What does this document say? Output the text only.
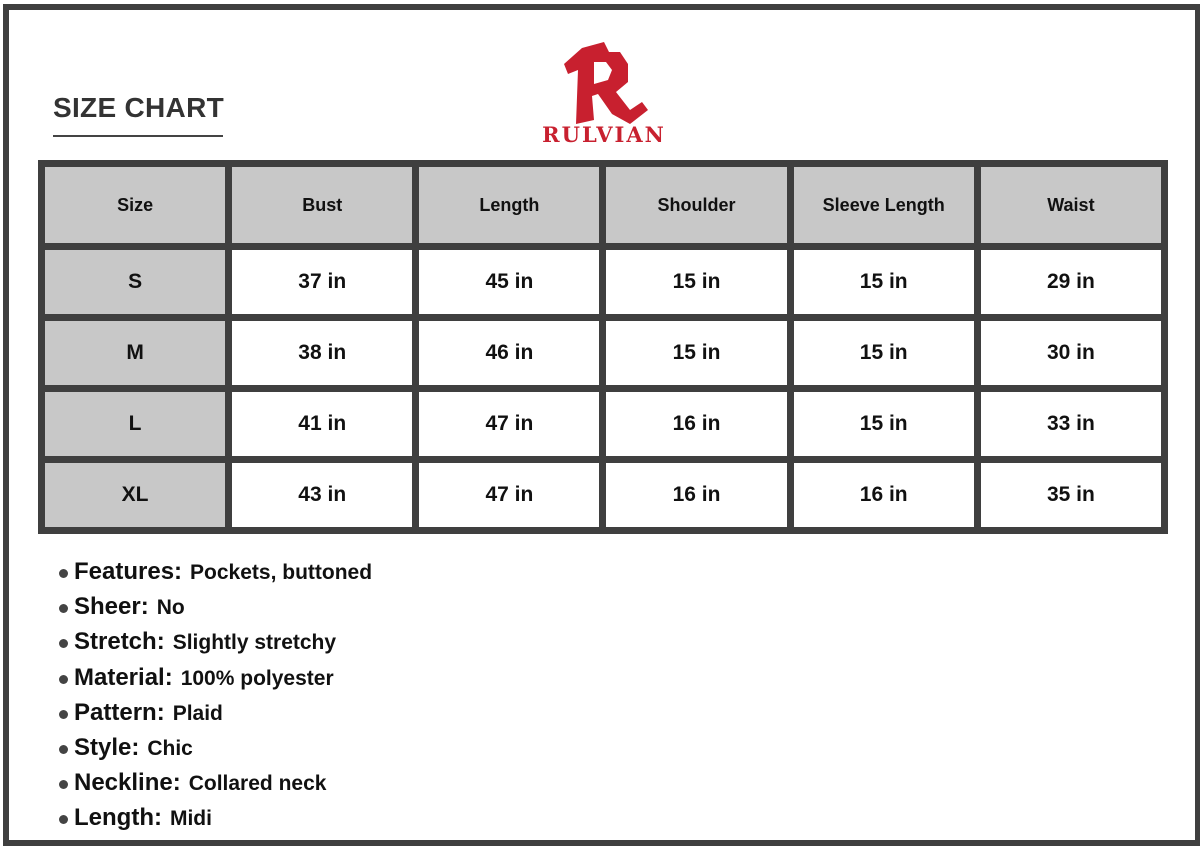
SIZE CHART
RULVIAN
Size	Bust	Length	Shoulder	Sleeve Length	Waist
S	37 in	45 in	15 in	15 in	29 in
M	38 in	46 in	15 in	15 in	30 in
L	41 in	47 in	16 in	15 in	33 in
XL	43 in	47 in	16 in	16 in	35 in
Features: Pockets, buttoned
Sheer: No
Stretch: Slightly stretchy
Material: 100% polyester
Pattern: Plaid
Style: Chic
Neckline: Collared neck
Length: Midi
